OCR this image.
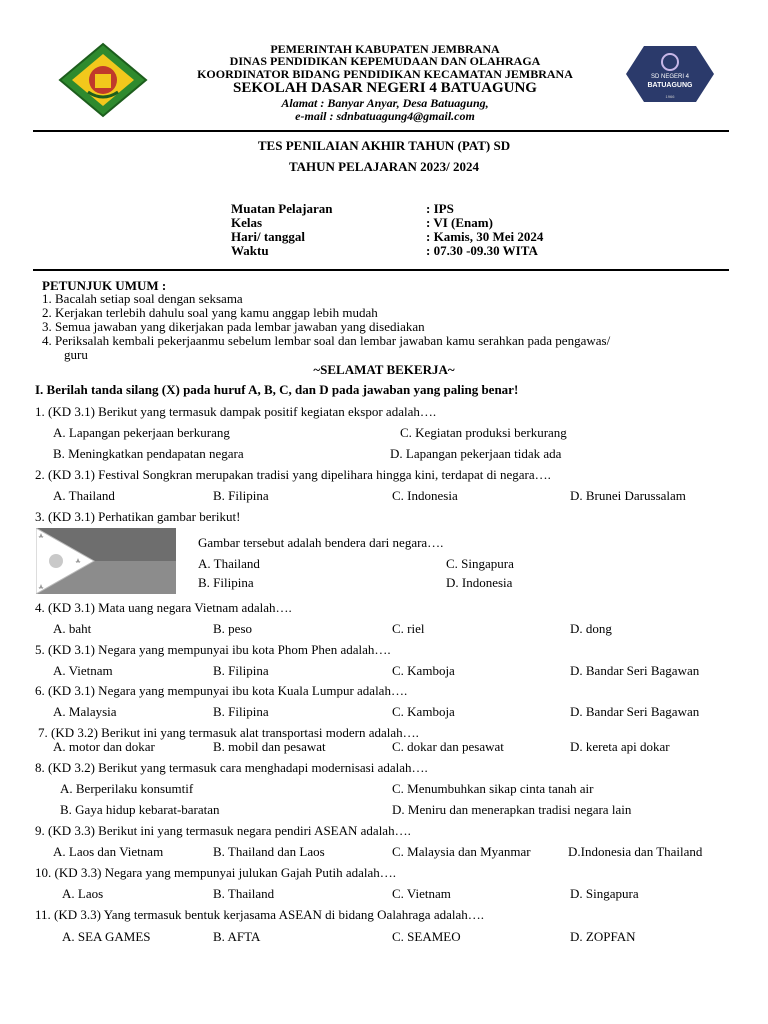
PEMERINTAH KABUPATEN JEMBRANA
DINAS PENDIDIKAN KEPEMUDAAN DAN OLAHRAGA
KOORDINATOR BIDANG PENDIDIKAN KECAMATAN JEMBRANA
SEKOLAH DASAR NEGERI 4 BATUAGUNG
Alamat : Banyar Anyar, Desa Batuagung,
e-mail : sdnbatuagung4@gmail.com
SD NEGERI 4
BATUAGUNG
1966
TES PENILAIAN AKHIR TAHUN (PAT) SD
TAHUN PELAJARAN 2023/ 2024
Muatan Pelajaran	: IPS
Kelas	: VI (Enam)
Hari/ tanggal	: Kamis, 30 Mei 2024
Waktu	: 07.30 -09.30 WITA
PETUNJUK UMUM :
1. Bacalah setiap soal dengan seksama
2. Kerjakan terlebih dahulu soal yang kamu anggap lebih mudah
3. Semua jawaban yang dikerjakan pada lembar jawaban yang disediakan
4. Periksalah kembali pekerjaanmu sebelum lembar soal dan lembar jawaban kamu serahkan pada pengawas/
guru
~SELAMAT BEKERJA~
I. Berilah tanda silang (X) pada huruf A, B, C, dan D pada jawaban yang paling benar!
1. (KD 3.1) Berikut yang termasuk dampak positif kegiatan ekspor adalah….
A. Lapangan pekerjaan berkurang	C. Kegiatan produksi berkurang
B. Meningkatkan pendapatan negara	D. Lapangan pekerjaan tidak ada
2. (KD 3.1) Festival Songkran merupakan tradisi yang dipelihara hingga kini, terdapat di negara….
A. Thailand	B. Filipina	C. Indonesia	D. Brunei Darussalam
3. (KD 3.1) Perhatikan gambar berikut!
Gambar tersebut adalah bendera dari negara….
A. Thailand	C. Singapura
B. Filipina	D. Indonesia
4. (KD 3.1) Mata uang negara Vietnam adalah….
A. baht	B. peso	C. riel	D. dong
5. (KD 3.1) Negara yang mempunyai ibu kota Phom Phen adalah….
A. Vietnam	B. Filipina	C. Kamboja	D. Bandar Seri Bagawan
6. (KD 3.1) Negara yang mempunyai ibu kota Kuala Lumpur adalah….
A. Malaysia	B. Filipina	C. Kamboja	D. Bandar Seri Bagawan
7. (KD 3.2) Berikut ini yang termasuk alat transportasi modern adalah….
A. motor dan dokar	B. mobil dan pesawat	C. dokar dan pesawat	D. kereta api dokar
8. (KD 3.2) Berikut yang termasuk cara menghadapi modernisasi adalah….
A. Berperilaku konsumtif	C. Menumbuhkan sikap cinta tanah air
B. Gaya hidup kebarat-baratan	D. Meniru dan menerapkan tradisi negara lain
9. (KD 3.3) Berikut ini yang termasuk negara pendiri ASEAN adalah….
A. Laos dan Vietnam	B. Thailand dan Laos	C. Malaysia dan Myanmar	D.Indonesia dan Thailand
10. (KD 3.3) Negara yang mempunyai julukan Gajah Putih adalah….
A. Laos	B. Thailand	C. Vietnam	D. Singapura
11. (KD 3.3) Yang termasuk bentuk kerjasama ASEAN di bidang Oalahraga adalah….
A. SEA GAMES	B. AFTA	C. SEAMEO	D. ZOPFAN
